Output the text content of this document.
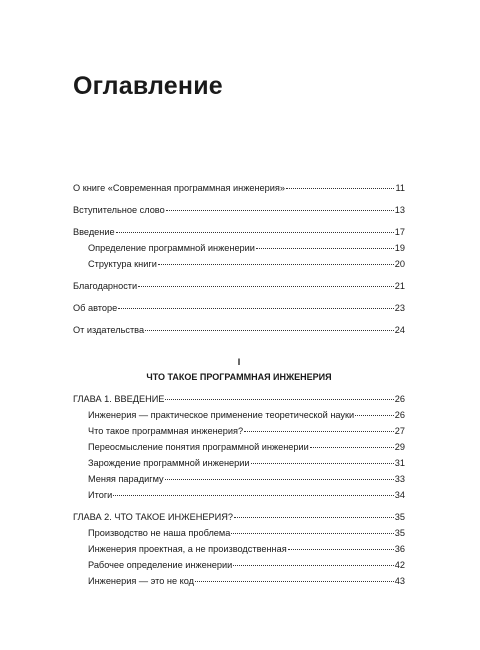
Оглавление
О книге «Современная программная инженерия»	11
Вступительное слово	13
Введение	17
Определение программной инженерии	19
Структура книги	20
Благодарности	21
Об авторе	23
От издательства	24
I
ЧТО ТАКОЕ ПРОГРАММНАЯ ИНЖЕНЕРИЯ
ГЛАВА 1. ВВЕДЕНИЕ	26
Инженерия — практическое применение теоретической науки	26
Что такое программная инженерия?	27
Переосмысление понятия программной инженерии	29
Зарождение программной инженерии	31
Меняя парадигму	33
Итоги	34
ГЛАВА 2. ЧТО ТАКОЕ ИНЖЕНЕРИЯ?	35
Производство не наша проблема	35
Инженерия проектная, а не производственная	36
Рабочее определение инженерии	42
Инженерия — это не код	43
